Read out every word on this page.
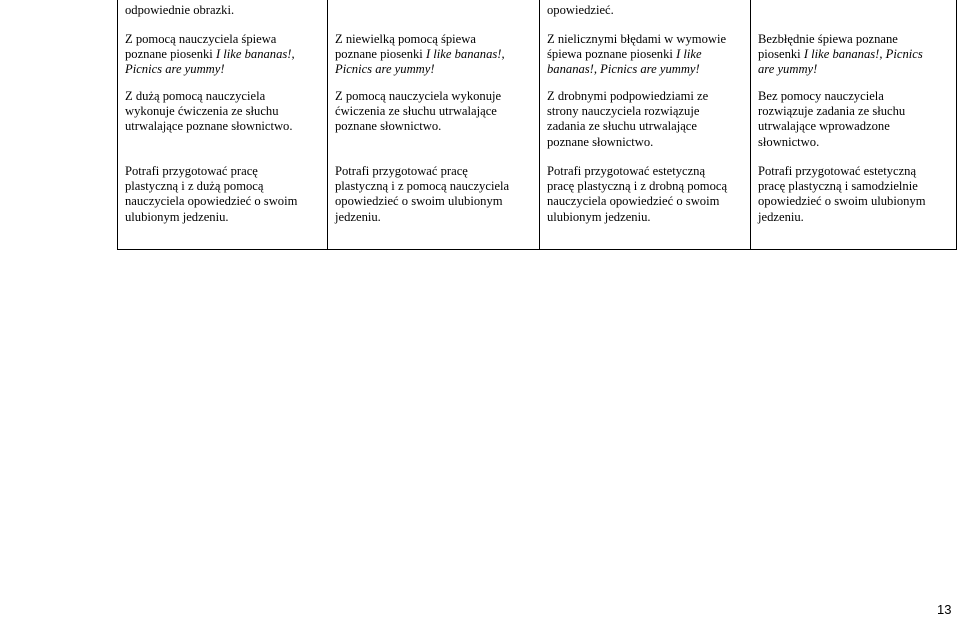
odpowiednie obrazki.	opowiedzieć.
Z pomocą nauczyciela śpiewa
poznane piosenki I like bananas!,
Picnics are yummy!
Z niewielką pomocą śpiewa
poznane piosenki I like bananas!,
Picnics are yummy!
Z nielicznymi błędami w wymowie
śpiewa poznane piosenki I like
bananas!, Picnics are yummy!
Bezbłędnie śpiewa poznane
piosenki I like bananas!, Picnics
are yummy!
Z dużą pomocą nauczyciela
wykonuje ćwiczenia ze słuchu
utrwalające poznane słownictwo.
Z pomocą nauczyciela wykonuje
ćwiczenia ze słuchu utrwalające
poznane słownictwo.
Z drobnymi podpowiedziami ze
strony nauczyciela rozwiązuje
zadania ze słuchu utrwalające
poznane słownictwo.
Bez pomocy nauczyciela
rozwiązuje zadania ze słuchu
utrwalające wprowadzone
słownictwo.
Potrafi przygotować pracę
plastyczną i z dużą pomocą
nauczyciela opowiedzieć o swoim
ulubionym jedzeniu.
Potrafi przygotować pracę
plastyczną i z pomocą nauczyciela
opowiedzieć o swoim ulubionym
jedzeniu.
Potrafi przygotować estetyczną
pracę plastyczną i z drobną pomocą
nauczyciela opowiedzieć o swoim
ulubionym jedzeniu.
Potrafi przygotować estetyczną
pracę plastyczną i samodzielnie
opowiedzieć o swoim ulubionym
jedzeniu.
13
